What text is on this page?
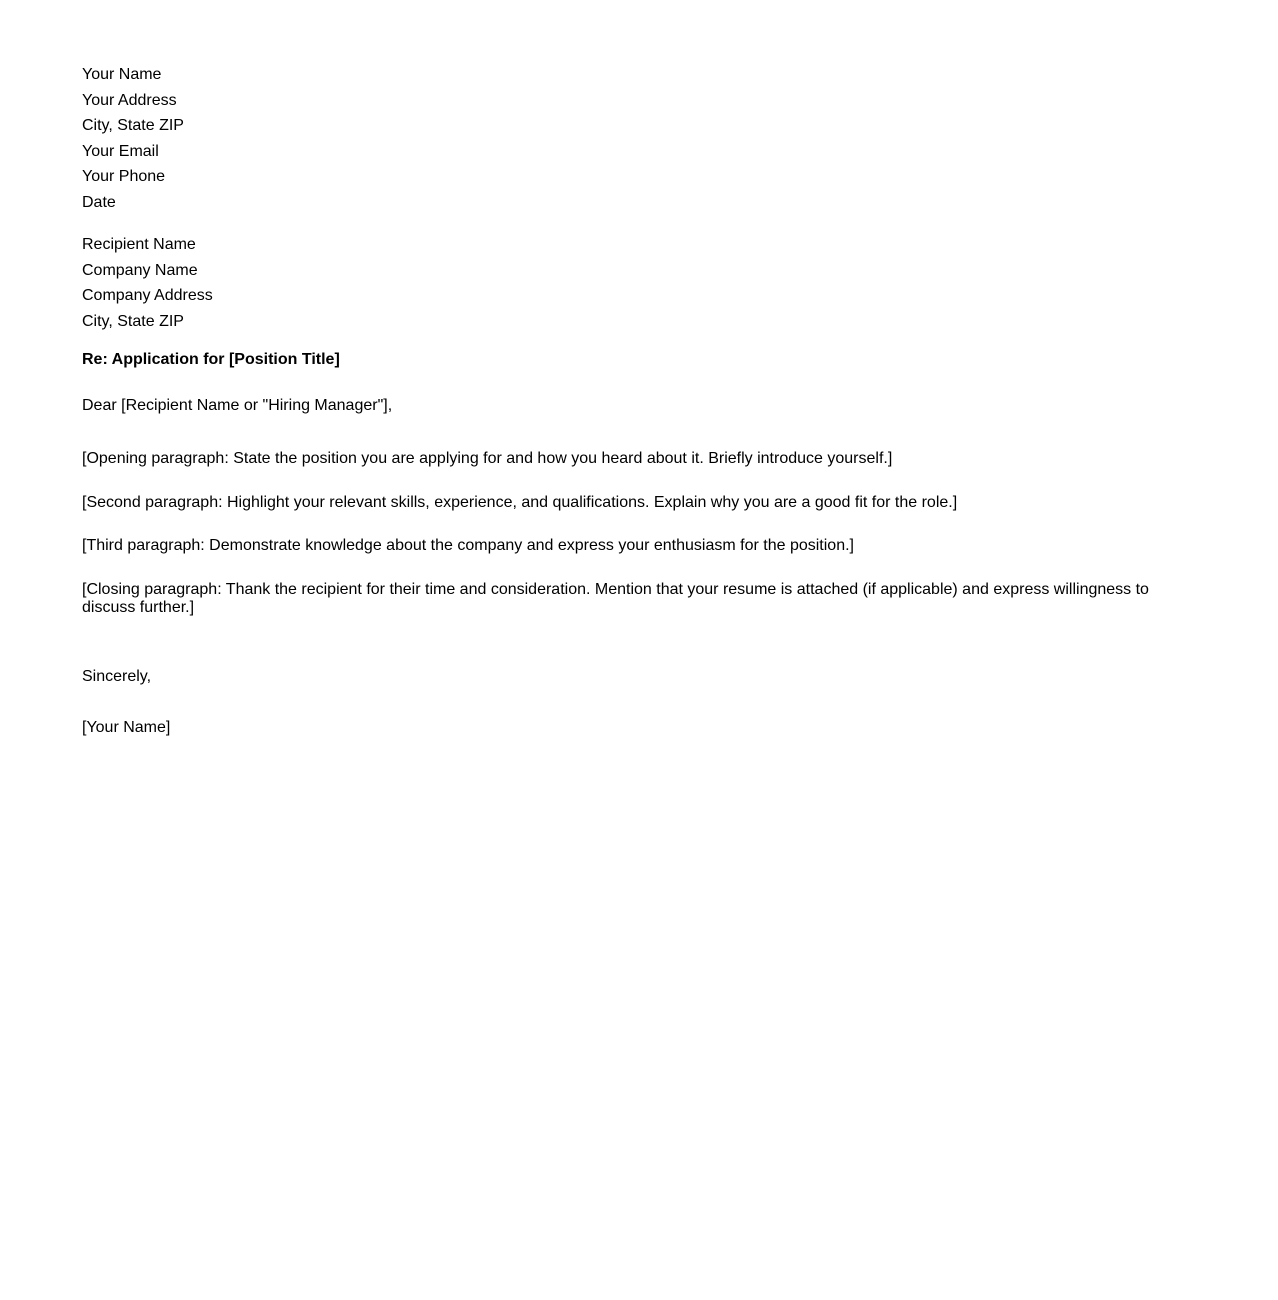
Your Name
Your Address
City, State ZIP
Your Email
Your Phone
Date
Recipient Name
Company Name
Company Address
City, State ZIP
Re: Application for [Position Title]
Dear [Recipient Name or "Hiring Manager"],

[Opening paragraph: State the position you are applying for and how you heard about it. Briefly introduce yourself.]

[Second paragraph: Highlight your relevant skills, experience, and qualifications. Explain why you are a good fit for the role.]

[Third paragraph: Demonstrate knowledge about the company and express your enthusiasm for the position.]

[Closing paragraph: Thank the recipient for their time and consideration. Mention that your resume is attached (if applicable) and express willingness to discuss further.]

Sincerely,
[Your Name]
